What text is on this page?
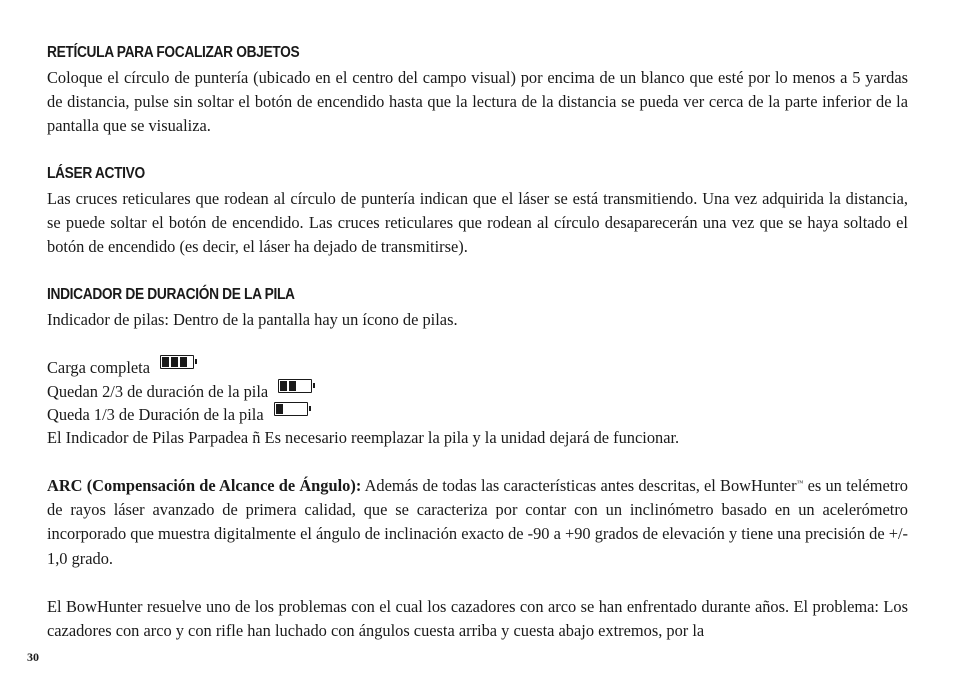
RETÍCULA PARA FOCALIZAR OBJETOS
Coloque el círculo de puntería (ubicado en el centro del campo visual) por encima de un blanco que esté por lo menos a 5 yardas de distancia, pulse sin soltar el botón de encendido hasta que la lectura de la distancia se pueda ver cerca de la parte inferior de la pantalla que se visualiza.
LÁSER ACTIVO
Las cruces reticulares que rodean al círculo de puntería indican que el láser se está transmitiendo. Una vez adquirida la distancia, se puede soltar el botón de encendido. Las cruces reticulares que rodean al círculo desaparecerán una vez que se haya soltado el botón de encendido (es decir, el láser ha dejado de transmitirse).
INDICADOR DE DURACIÓN DE LA PILA
Indicador de pilas: Dentro de la pantalla hay un ícono de pilas.
Carga completa
Quedan 2/3 de duración de la pila
Queda 1/3 de Duración de la pila
El Indicador de Pilas Parpadea ñ Es necesario reemplazar la pila y la unidad dejará de funcionar.
ARC (Compensación de Alcance de Ángulo): Además de todas las características antes descritas, el BowHunter™ es un telémetro de rayos láser avanzado de primera calidad, que se caracteriza por contar con un inclinómetro basado en un acelerómetro incorporado que muestra digitalmente el ángulo de inclinación exacto de -90 a +90 grados de elevación y tiene una precisión de +/- 1,0 grado.
El BowHunter resuelve uno de los problemas con el cual los cazadores con arco se han enfrentado durante años. El problema: Los cazadores con arco y con rifle han luchado con ángulos cuesta arriba y cuesta abajo extremos, por la
30
